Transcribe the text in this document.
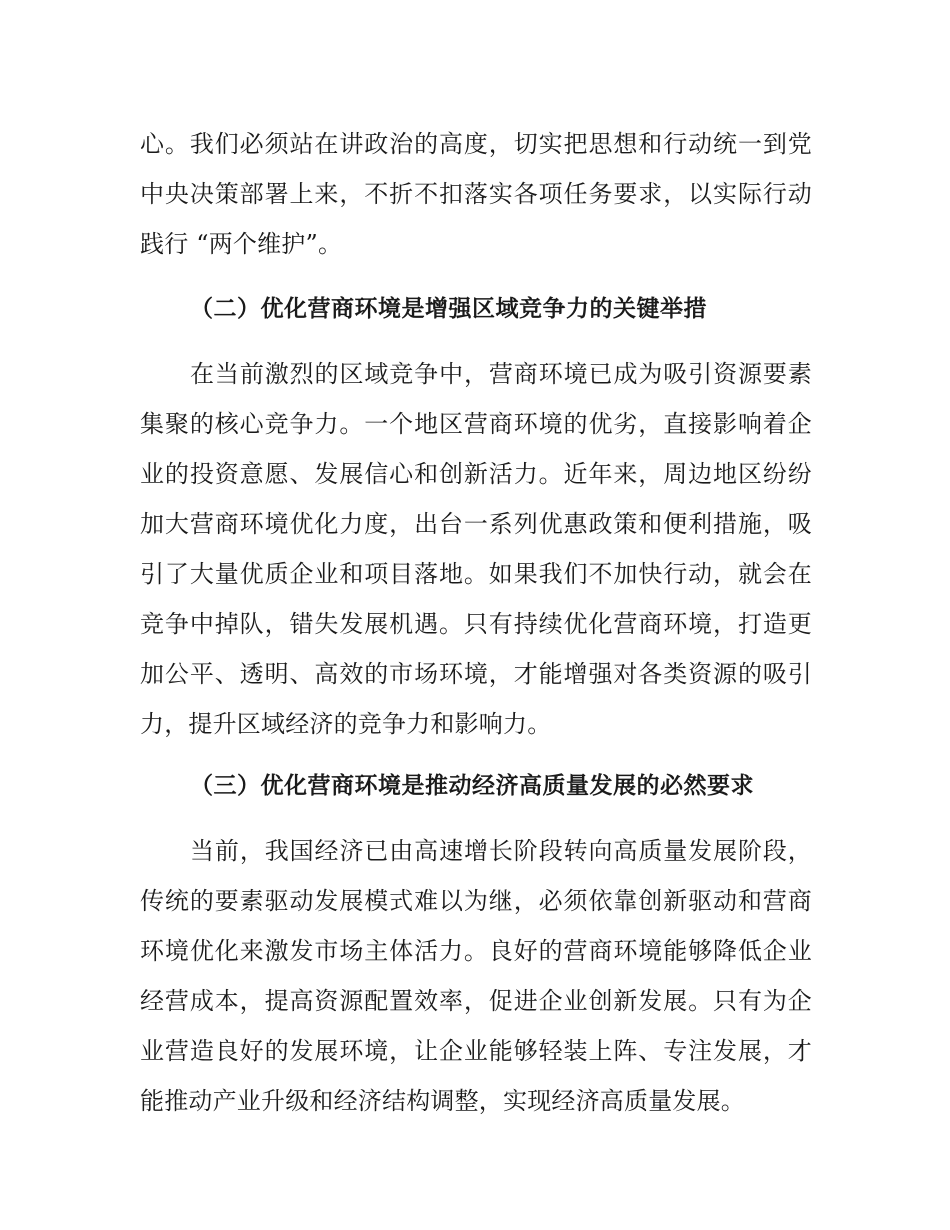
心。我们必须站在讲政治的高度，切实把思想和行动统一到党
中央决策部署上来，不折不扣落实各项任务要求，以实际行动
践行 “两个维护”。
（二）优化营商环境是增强区域竞争力的关键举措
在当前激烈的区域竞争中，营商环境已成为吸引资源要素
集聚的核心竞争力。一个地区营商环境的优劣，直接影响着企
业的投资意愿、发展信心和创新活力。近年来，周边地区纷纷
加大营商环境优化力度，出台一系列优惠政策和便利措施，吸
引了大量优质企业和项目落地。如果我们不加快行动，就会在
竞争中掉队，错失发展机遇。只有持续优化营商环境，打造更
加公平、透明、高效的市场环境，才能增强对各类资源的吸引
力，提升区域经济的竞争力和影响力。
（三）优化营商环境是推动经济高质量发展的必然要求
当前，我国经济已由高速增长阶段转向高质量发展阶段，
传统的要素驱动发展模式难以为继，必须依靠创新驱动和营商
环境优化来激发市场主体活力。良好的营商环境能够降低企业
经营成本，提高资源配置效率，促进企业创新发展。只有为企
业营造良好的发展环境，让企业能够轻装上阵、专注发展，才
能推动产业升级和经济结构调整，实现经济高质量发展。
